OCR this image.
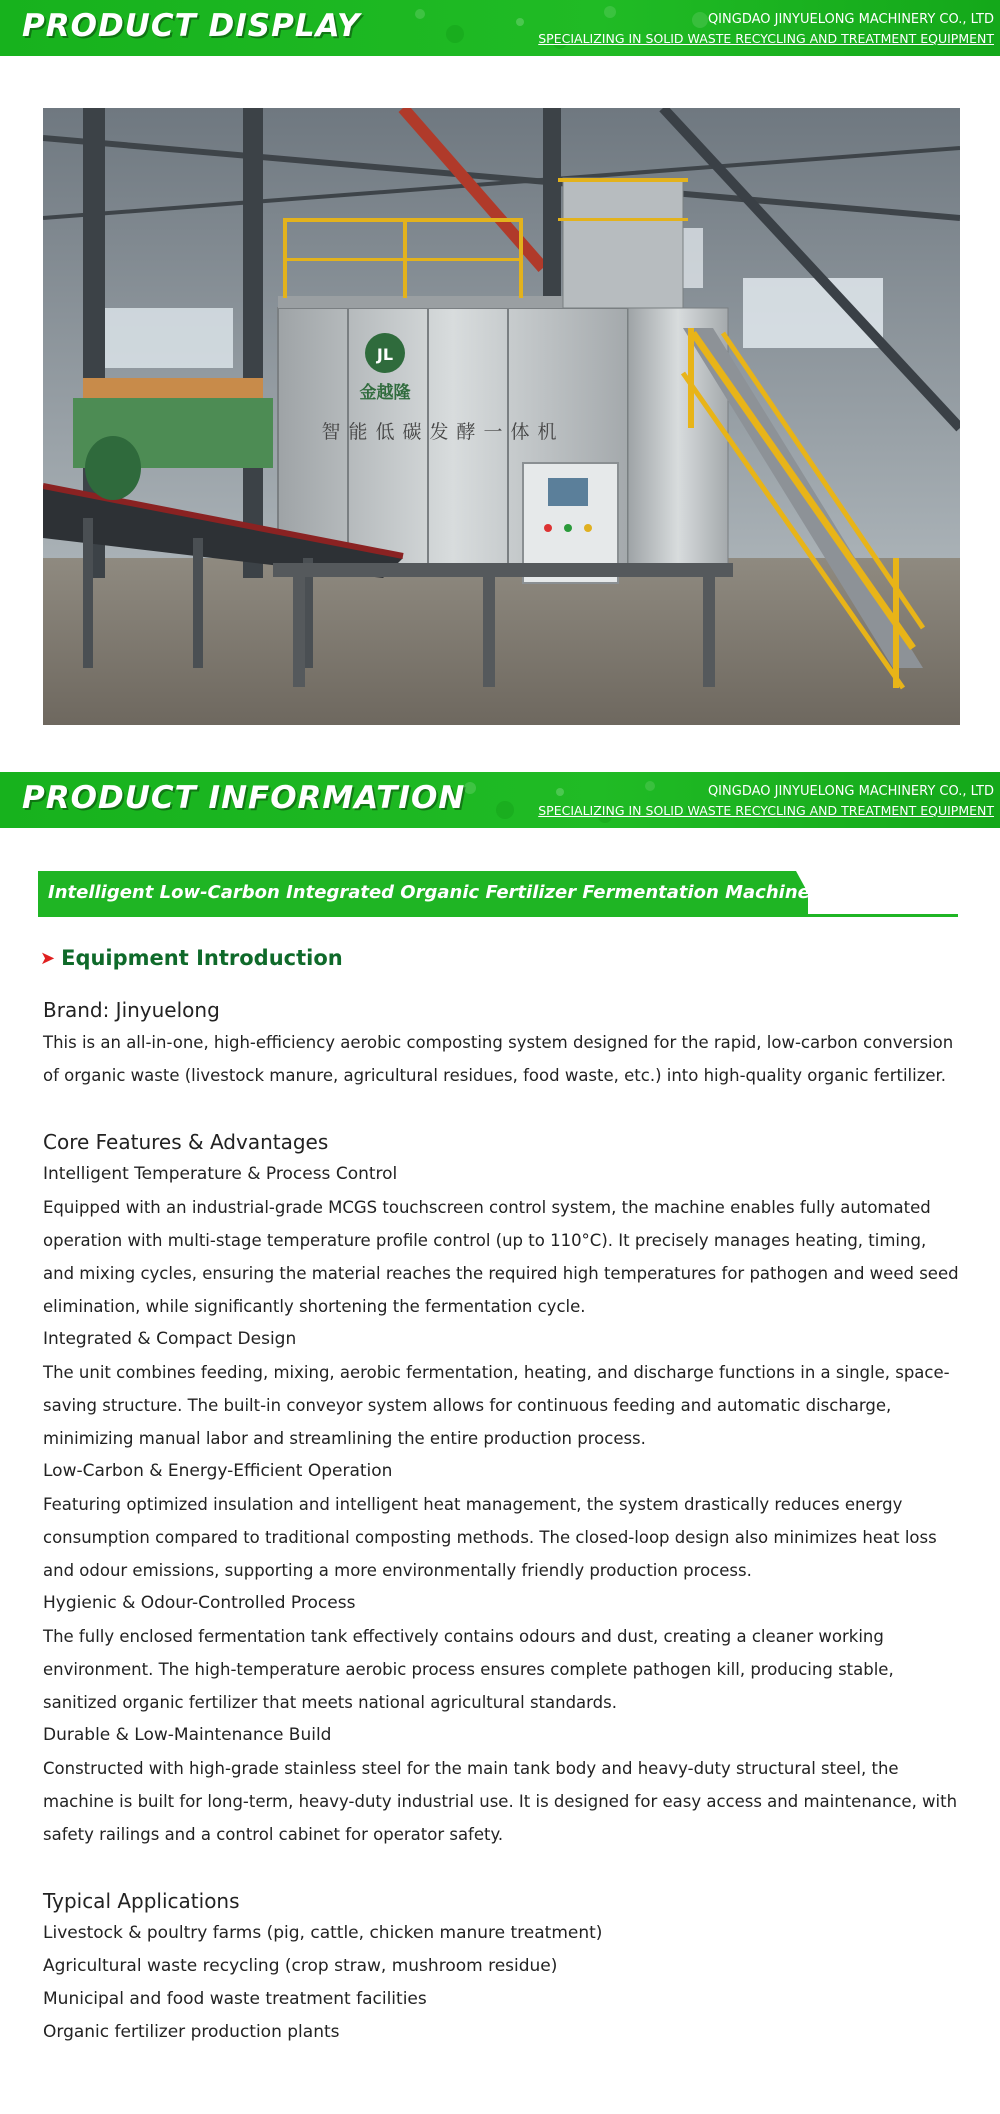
PRODUCT DISPLAY	QINGDAO JINYUELONG MACHINERY CO., LTD
SPECIALIZING IN SOLID WASTE RECYCLING AND TREATMENT EQUIPMENT
JL
金越隆
智能低碳发酵一体机
PRODUCT INFORMATION	QINGDAO JINYUELONG MACHINERY CO., LTD
SPECIALIZING IN SOLID WASTE RECYCLING AND TREATMENT EQUIPMENT
Intelligent Low-Carbon Integrated Organic Fertilizer Fermentation Machine
➤ Equipment Introduction
Brand: Jinyuelong
This is an all-in-one, high-efficiency aerobic composting system designed for the rapid, low-carbon conversion of organic waste (livestock manure, agricultural residues, food waste, etc.) into high-quality organic fertilizer.
Core Features & Advantages
Intelligent Temperature & Process Control
Equipped with an industrial-grade MCGS touchscreen control system, the machine enables fully automated operation with multi-stage temperature profile control (up to 110°C). It precisely manages heating, timing, and mixing cycles, ensuring the material reaches the required high temperatures for pathogen and weed seed elimination, while significantly shortening the fermentation cycle.
Integrated & Compact Design
The unit combines feeding, mixing, aerobic fermentation, heating, and discharge functions in a single, space-saving structure. The built-in conveyor system allows for continuous feeding and automatic discharge, minimizing manual labor and streamlining the entire production process.
Low-Carbon & Energy-Efficient Operation
Featuring optimized insulation and intelligent heat management, the system drastically reduces energy consumption compared to traditional composting methods. The closed-loop design also minimizes heat loss and odour emissions, supporting a more environmentally friendly production process.
Hygienic & Odour-Controlled Process
The fully enclosed fermentation tank effectively contains odours and dust, creating a cleaner working environment. The high-temperature aerobic process ensures complete pathogen kill, producing stable, sanitized organic fertilizer that meets national agricultural standards.
Durable & Low-Maintenance Build
Constructed with high-grade stainless steel for the main tank body and heavy-duty structural steel, the machine is built for long-term, heavy-duty industrial use. It is designed for easy access and maintenance, with safety railings and a control cabinet for operator safety.
Typical Applications
Livestock & poultry farms (pig, cattle, chicken manure treatment)
Agricultural waste recycling (crop straw, mushroom residue)
Municipal and food waste treatment facilities
Organic fertilizer production plants
